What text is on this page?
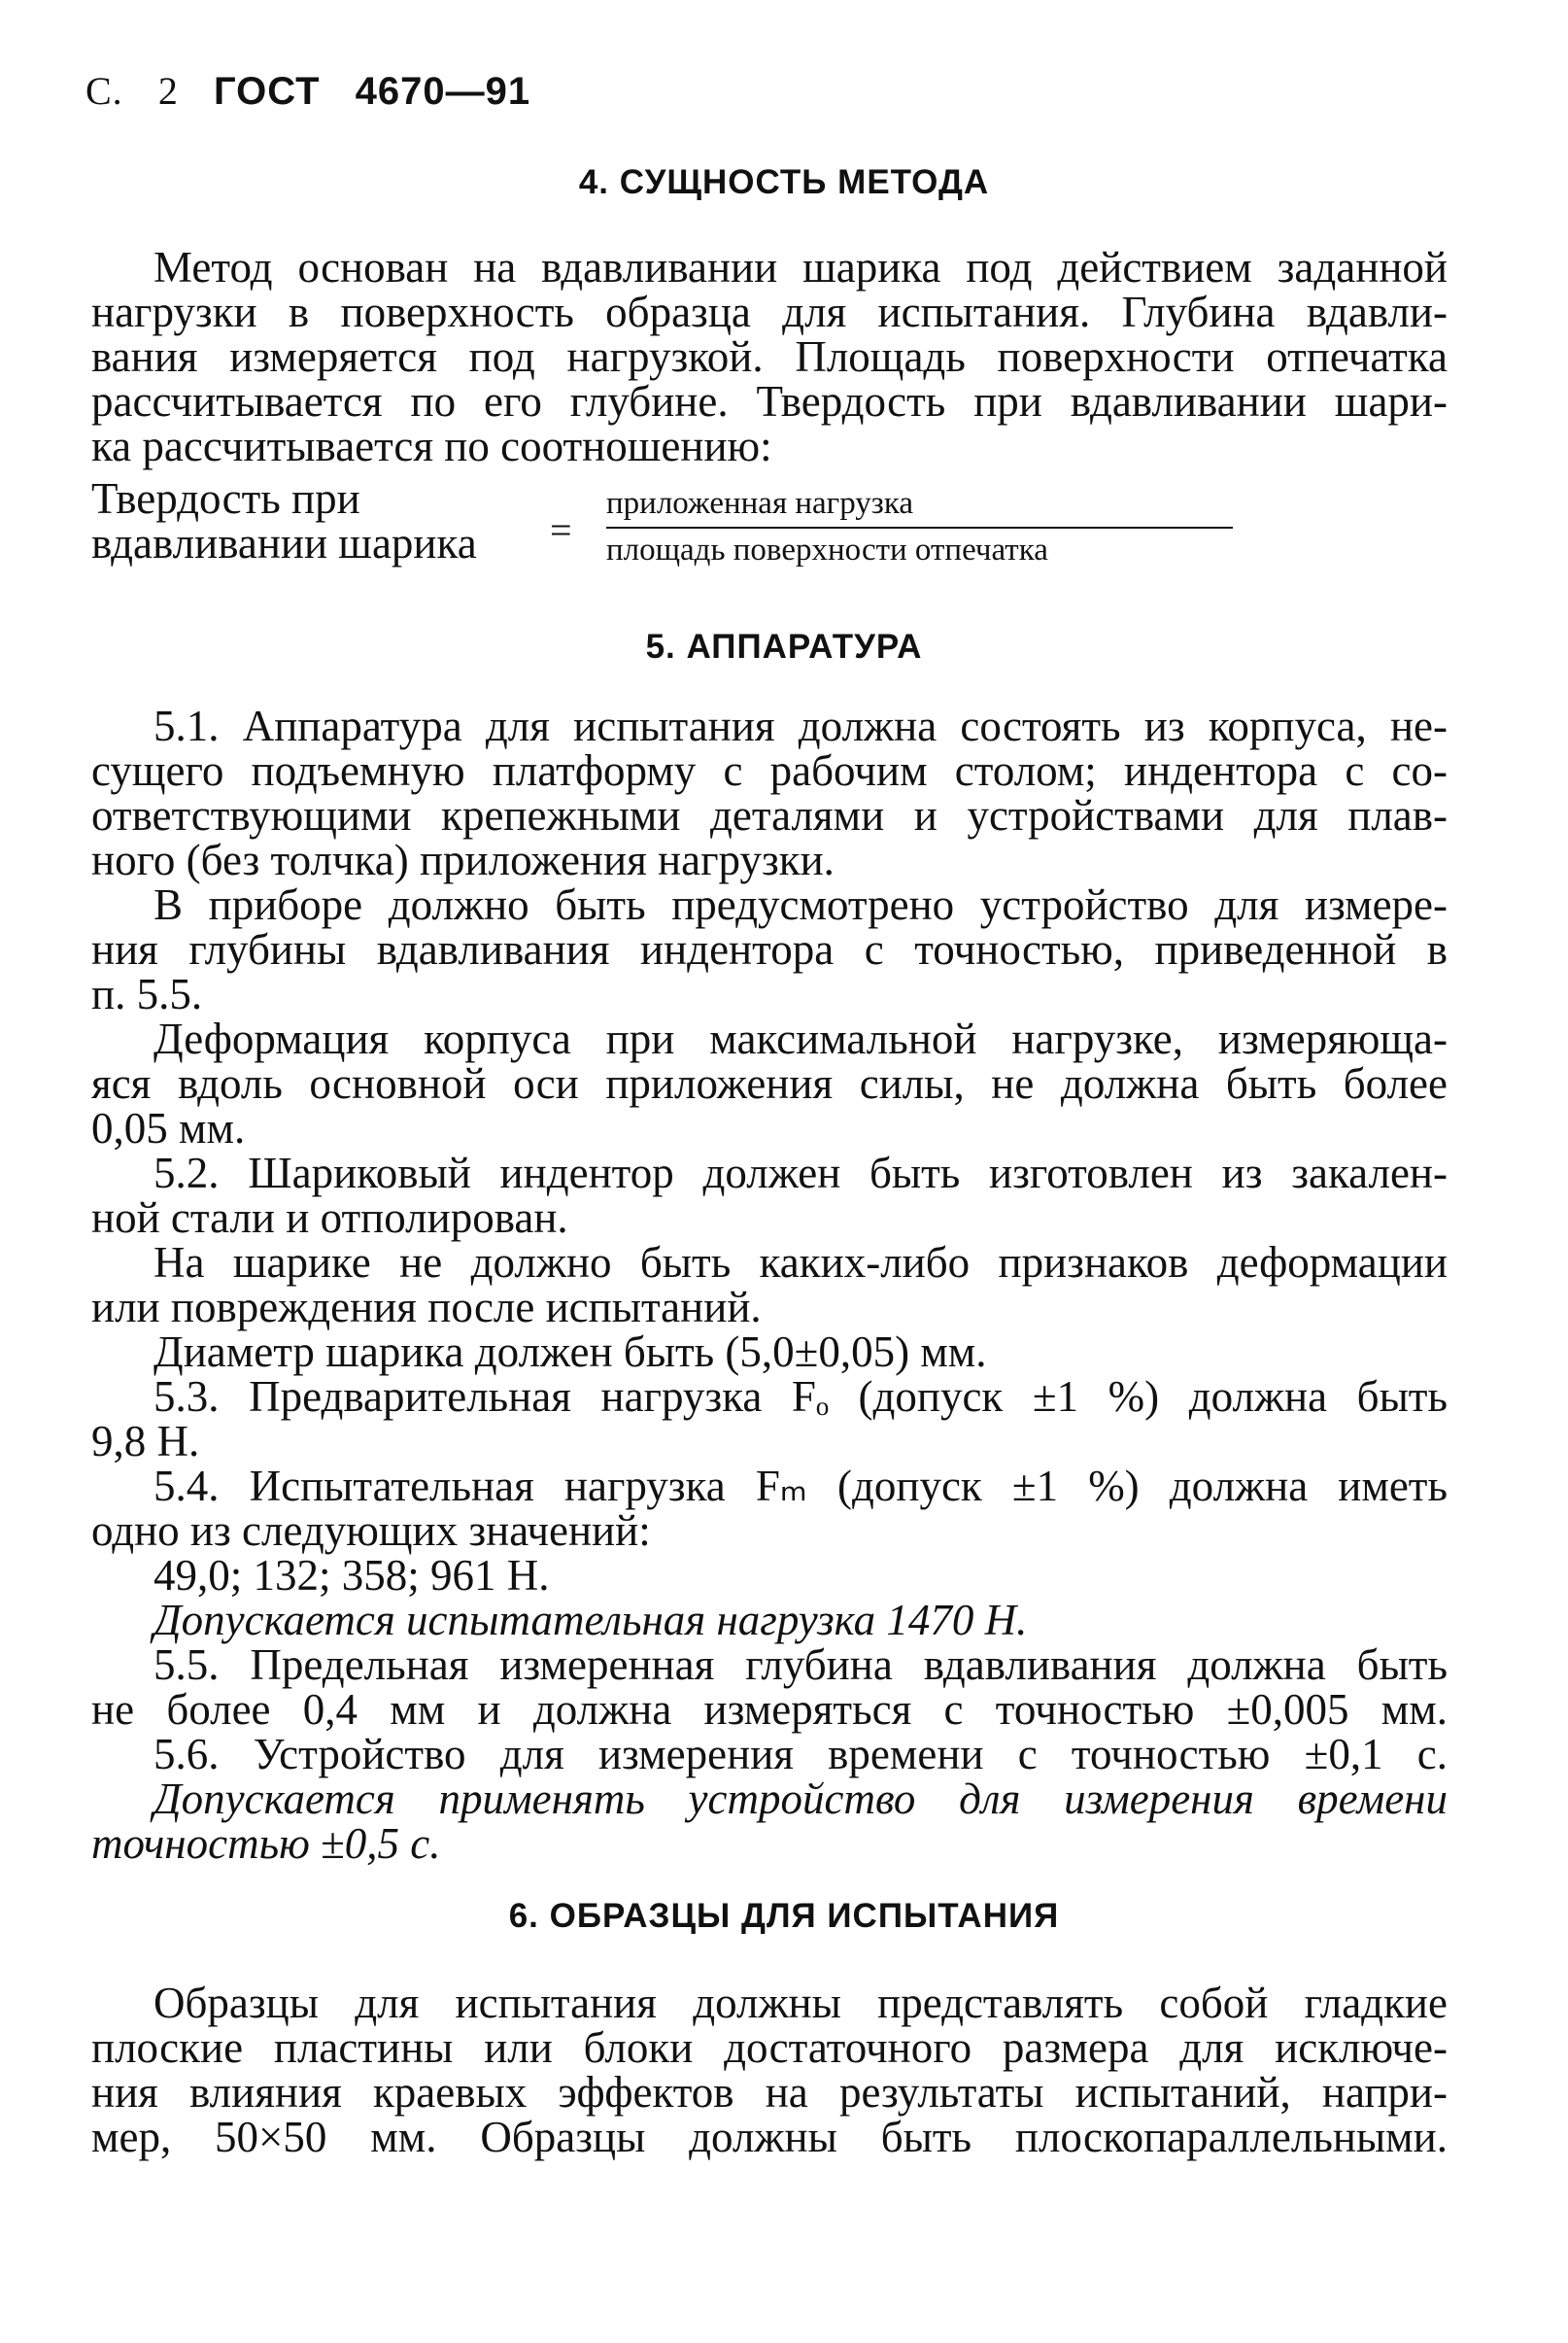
С. 2 ГОСТ 4670—91
4. СУЩНОСТЬ МЕТОДА
Метод основан на вдавливании шарика под действием заданной
нагрузки в поверхность образца для испытания. Глубина вдавли-
вания измеряется под нагрузкой. Площадь поверхности отпечатка
рассчитывается по его глубине. Твердость при вдавливании шари-
ка рассчитывается по соотношению:
Твердость при
вдавливании шарика =
приложенная нагрузка
площадь поверхности отпечатка
5. АППАРАТУРА
5.1. Аппаратура для испытания должна состоять из корпуса, не-
сущего подъемную платформу с рабочим столом; индентора с со-
ответствующими крепежными деталями и устройствами для плав-
ного (без толчка) приложения нагрузки.
В приборе должно быть предусмотрено устройство для измере-
ния глубины вдавливания индентора с точностью, приведенной в
п. 5.5.
Деформация корпуса при максимальной нагрузке, измеряюща-
яся вдоль основной оси приложения силы, не должна быть более
0,05 мм.
5.2. Шариковый индентор должен быть изготовлен из закален-
ной стали и отполирован.
На шарике не должно быть каких-либо признаков деформации
или повреждения после испытаний.
Диаметр шарика должен быть (5,0±0,05) мм.
5.3. Предварительная нагрузка Fₒ (допуск ±1 %) должна быть
9,8 Н.
5.4. Испытательная нагрузка Fₘ (допуск ±1 %) должна иметь
одно из следующих значений:
49,0; 132; 358; 961 Н.
Допускается испытательная нагрузка 1470 Н.
5.5. Предельная измеренная глубина вдавливания должна быть
не более 0,4 мм и должна измеряться с точностью ±0,005 мм.
5.6. Устройство для измерения времени с точностью ±0,1 с.
Допускается применять устройство для измерения времени
точностью ±0,5 с.
6. ОБРАЗЦЫ ДЛЯ ИСПЫТАНИЯ
Образцы для испытания должны представлять собой гладкие
плоские пластины или блоки достаточного размера для исключе-
ния влияния краевых эффектов на результаты испытаний, напри-
мер, 50×50 мм. Образцы должны быть плоскопараллельными.
